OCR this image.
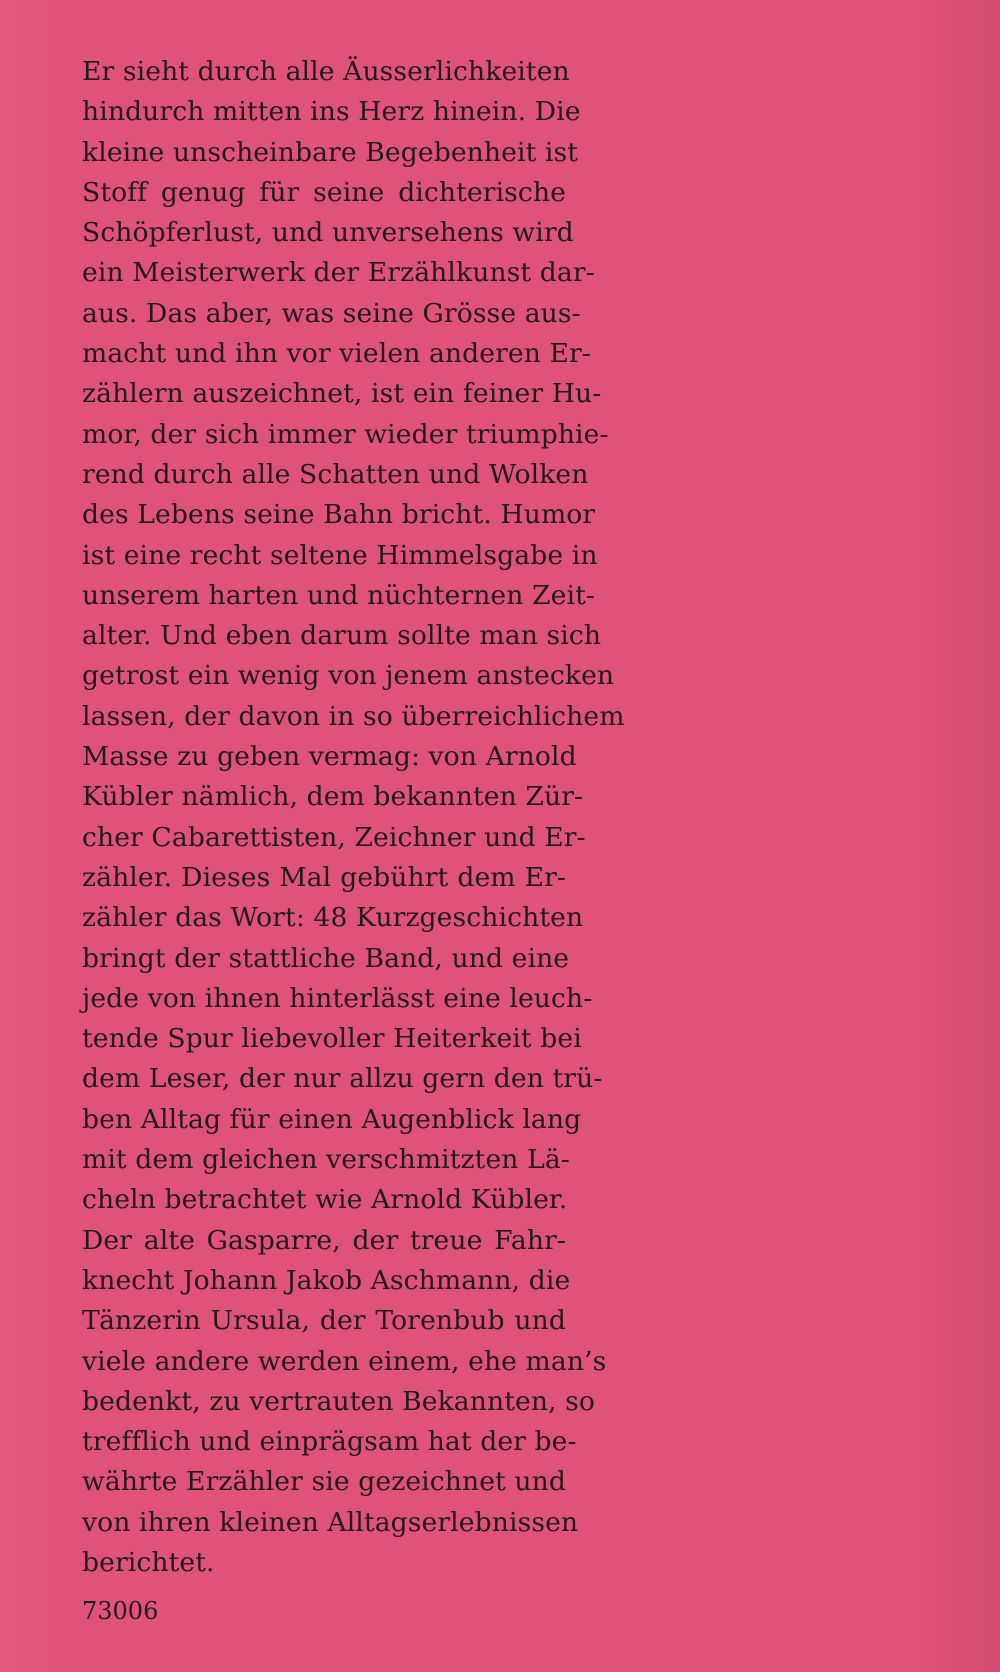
Er sieht durch alle Äusserlichkeiten
hindurch mitten ins Herz hinein. Die
kleine unscheinbare Begebenheit ist
Stoff genug für seine dichterische
Schöpferlust, und unversehens wird
ein Meisterwerk der Erzählkunst dar-
aus. Das aber, was seine Grösse aus-
macht und ihn vor vielen anderen Er-
zählern auszeichnet, ist ein feiner Hu-
mor, der sich immer wieder triumphie-
rend durch alle Schatten und Wolken
des Lebens seine Bahn bricht. Humor
ist eine recht seltene Himmelsgabe in
unserem harten und nüchternen Zeit-
alter. Und eben darum sollte man sich
getrost ein wenig von jenem anstecken
lassen, der davon in so überreichlichem
Masse zu geben vermag: von Arnold
Kübler nämlich, dem bekannten Zür-
cher Cabarettisten, Zeichner und Er-
zähler. Dieses Mal gebührt dem Er-
zähler das Wort: 48 Kurzgeschichten
bringt der stattliche Band, und eine
jede von ihnen hinterlässt eine leuch-
tende Spur liebevoller Heiterkeit bei
dem Leser, der nur allzu gern den trü-
ben Alltag für einen Augenblick lang
mit dem gleichen verschmitzten Lä-
cheln betrachtet wie Arnold Kübler.
Der alte Gasparre, der treue Fahr-
knecht Johann Jakob Aschmann, die
Tänzerin Ursula, der Torenbub und
viele andere werden einem, ehe man’s
bedenkt, zu vertrauten Bekannten, so
trefflich und einprägsam hat der be-
währte Erzähler sie gezeichnet und
von ihren kleinen Alltagserlebnissen
berichtet.
73006
